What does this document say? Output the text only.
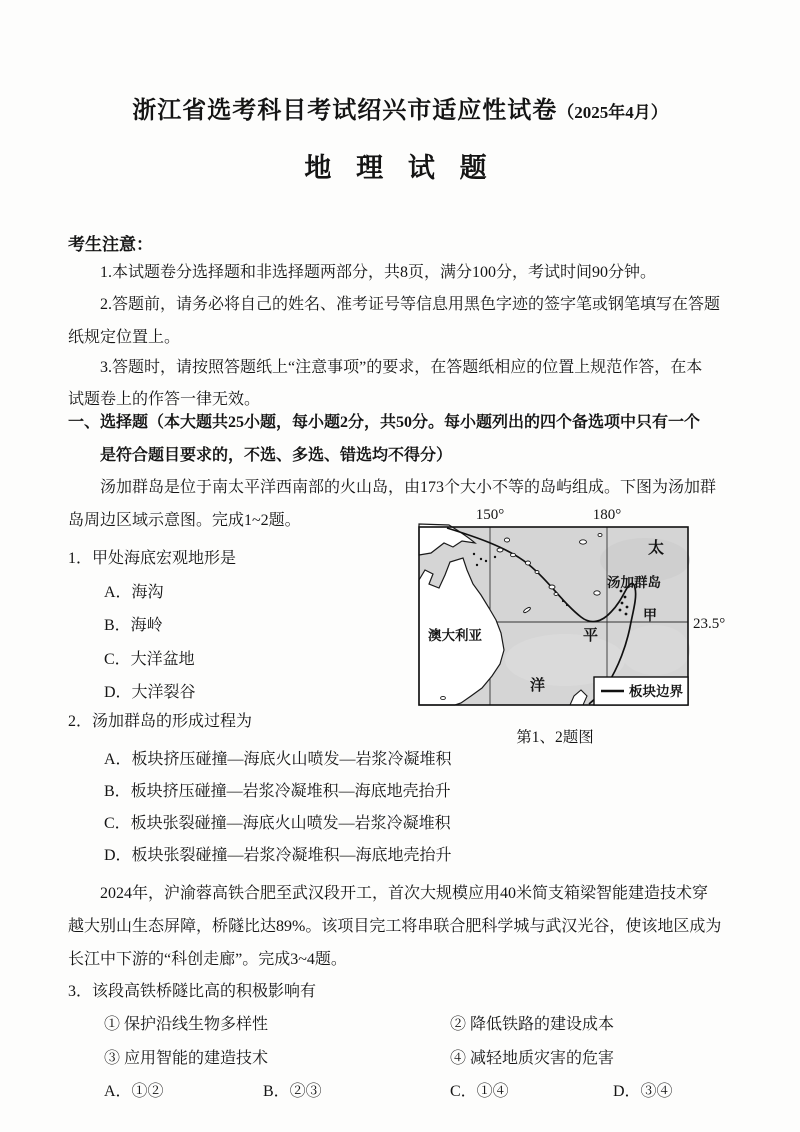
浙江省选考科目考试绍兴市适应性试卷（2025年4月）
地 理 试 题
考生注意：
1.本试题卷分选择题和非选择题两部分，共8页，满分100分，考试时间90分钟。
2.答题前，请务必将自己的姓名、准考证号等信息用黑色字迹的签字笔或钢笔填写在答题
纸规定位置上。
3.答题时，请按照答题纸上“注意事项”的要求，在答题纸相应的位置上规范作答，在本
试题卷上的作答一律无效。
一、选择题（本大题共25小题，每小题2分，共50分。每小题列出的四个备选项中只有一个
是符合题目要求的，不选、多选、错选均不得分）
汤加群岛是位于南太平洋西南部的火山岛，由173个大小不等的岛屿组成。下图为汤加群
岛周边区域示意图。完成1~2题。
1．甲处海底宏观地形是
A．海沟
B．海岭
C．大洋盆地
D．大洋裂谷
150°	180°
太
汤加群岛
甲
平
洋
澳大利亚
23.5°
板块边界
第1、2题图
2．汤加群岛的形成过程为
A．板块挤压碰撞—海底火山喷发—岩浆冷凝堆积
B．板块挤压碰撞—岩浆冷凝堆积—海底地壳抬升
C．板块张裂碰撞—海底火山喷发—岩浆冷凝堆积
D．板块张裂碰撞—岩浆冷凝堆积—海底地壳抬升
2024年，沪渝蓉高铁合肥至武汉段开工，首次大规模应用40米简支箱梁智能建造技术穿
越大别山生态屏障，桥隧比达89%。该项目完工将串联合肥科学城与武汉光谷，使该地区成为
长江中下游的“科创走廊”。完成3~4题。
3．该段高铁桥隧比高的积极影响有
① 保护沿线生物多样性	② 降低铁路的建设成本
③ 应用智能的建造技术	④ 减轻地质灾害的危害
A．①②	B．②③	C．①④	D．③④
